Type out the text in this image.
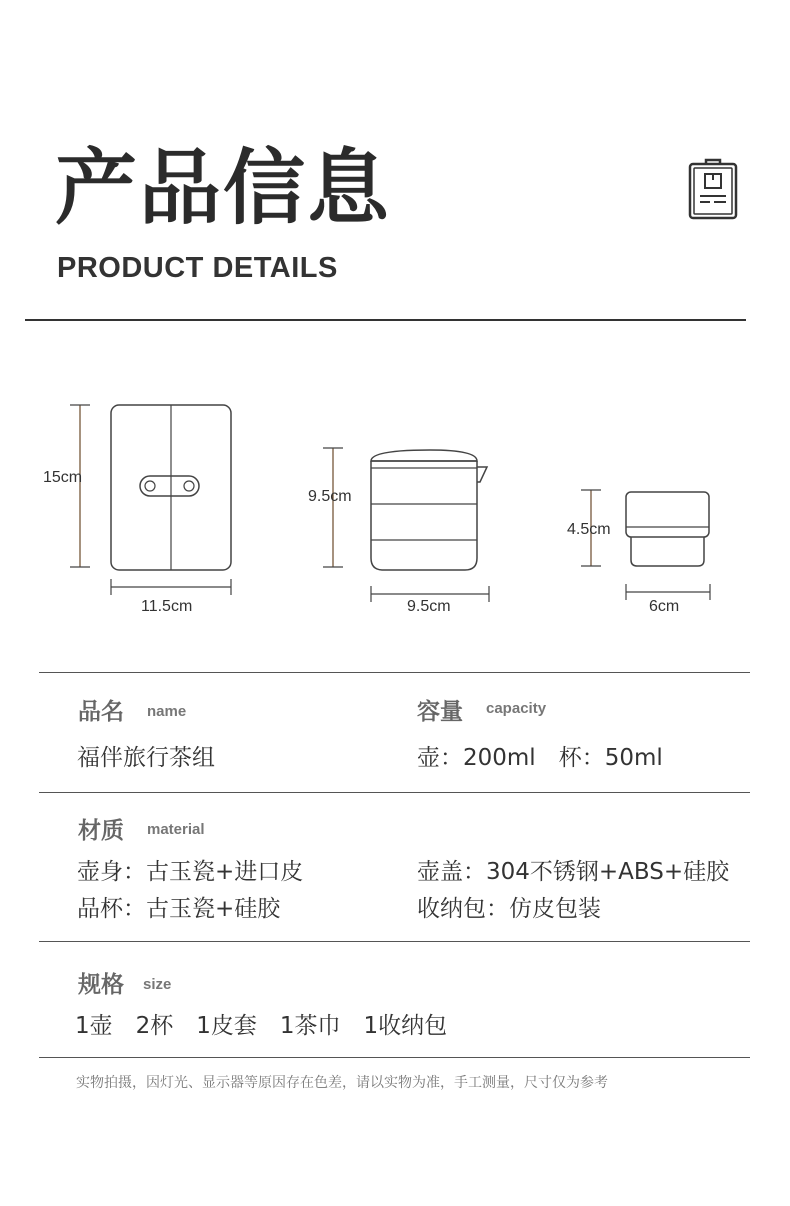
产品信息
PRODUCT DETAILS
15cm
11.5cm
9.5cm
9.5cm
4.5cm
6cm
品名 name
福伴旅行茶组
容量 capacity
壶：200ml　杯：50ml
材质 material
壶身：古玉瓷+进口皮
品杯：古玉瓷+硅胶
壶盖：304不锈钢+ABS+硅胶
收纳包：仿皮包装
规格 size
1壶　2杯　1皮套　1茶巾　1收纳包
实物拍摄，因灯光、显示器等原因存在色差，请以实物为准，手工测量，尺寸仅为参考
